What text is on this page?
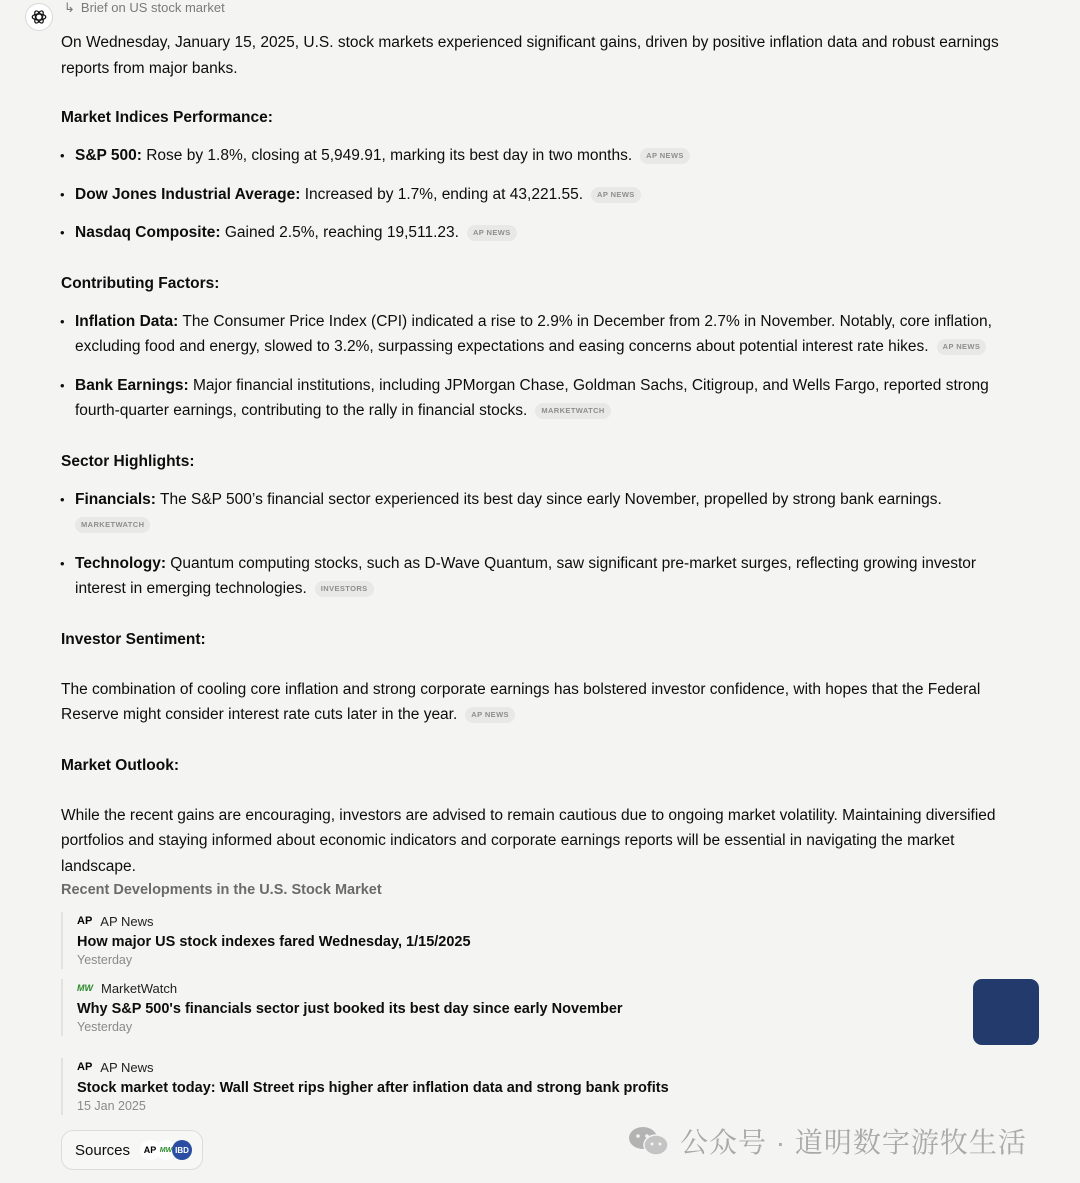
↳ Brief on US stock market

On Wednesday, January 15, 2025, U.S. stock markets experienced significant gains, driven by positive inflation data and robust earnings reports from major banks.

Market Indices Performance:
• S&P 500: Rose by 1.8%, closing at 5,949.91, marking its best day in two months. AP NEWS
• Dow Jones Industrial Average: Increased by 1.7%, ending at 43,221.55. AP NEWS
• Nasdaq Composite: Gained 2.5%, reaching 19,511.23. AP NEWS
Contributing Factors:
• Inflation Data: The Consumer Price Index (CPI) indicated a rise to 2.9% in December from 2.7% in November. Notably, core inflation, excluding food and energy, slowed to 3.2%, surpassing expectations and easing concerns about potential interest rate hikes. AP NEWS
• Bank Earnings: Major financial institutions, including JPMorgan Chase, Goldman Sachs, Citigroup, and Wells Fargo, reported strong fourth-quarter earnings, contributing to the rally in financial stocks. MARKETWATCH
Sector Highlights:
• Financials: The S&P 500’s financial sector experienced its best day since early November, propelled by strong bank earnings.
MARKETWATCH
• Technology: Quantum computing stocks, such as D-Wave Quantum, saw significant pre-market surges, reflecting growing investor interest in emerging technologies. INVESTORS
Investor Sentiment:

The combination of cooling core inflation and strong corporate earnings has bolstered investor confidence, with hopes that the Federal Reserve might consider interest rate cuts later in the year. AP NEWS

Market Outlook:

While the recent gains are encouraging, investors are advised to remain cautious due to ongoing market volatility. Maintaining diversified portfolios and staying informed about economic indicators and corporate earnings reports will be essential in navigating the market landscape.

Recent Developments in the U.S. Stock Market
AP AP News
How major US stock indexes fared Wednesday, 1/15/2025
Yesterday
MW MarketWatch
Why S&P 500's financials sector just booked its best day since early November
Yesterday
AP AP News
Stock market today: Wall Street rips higher after inflation data and strong bank profits
15 Jan 2025
Sources	AP MW IBD	公众号 · 道明数字游牧生活
